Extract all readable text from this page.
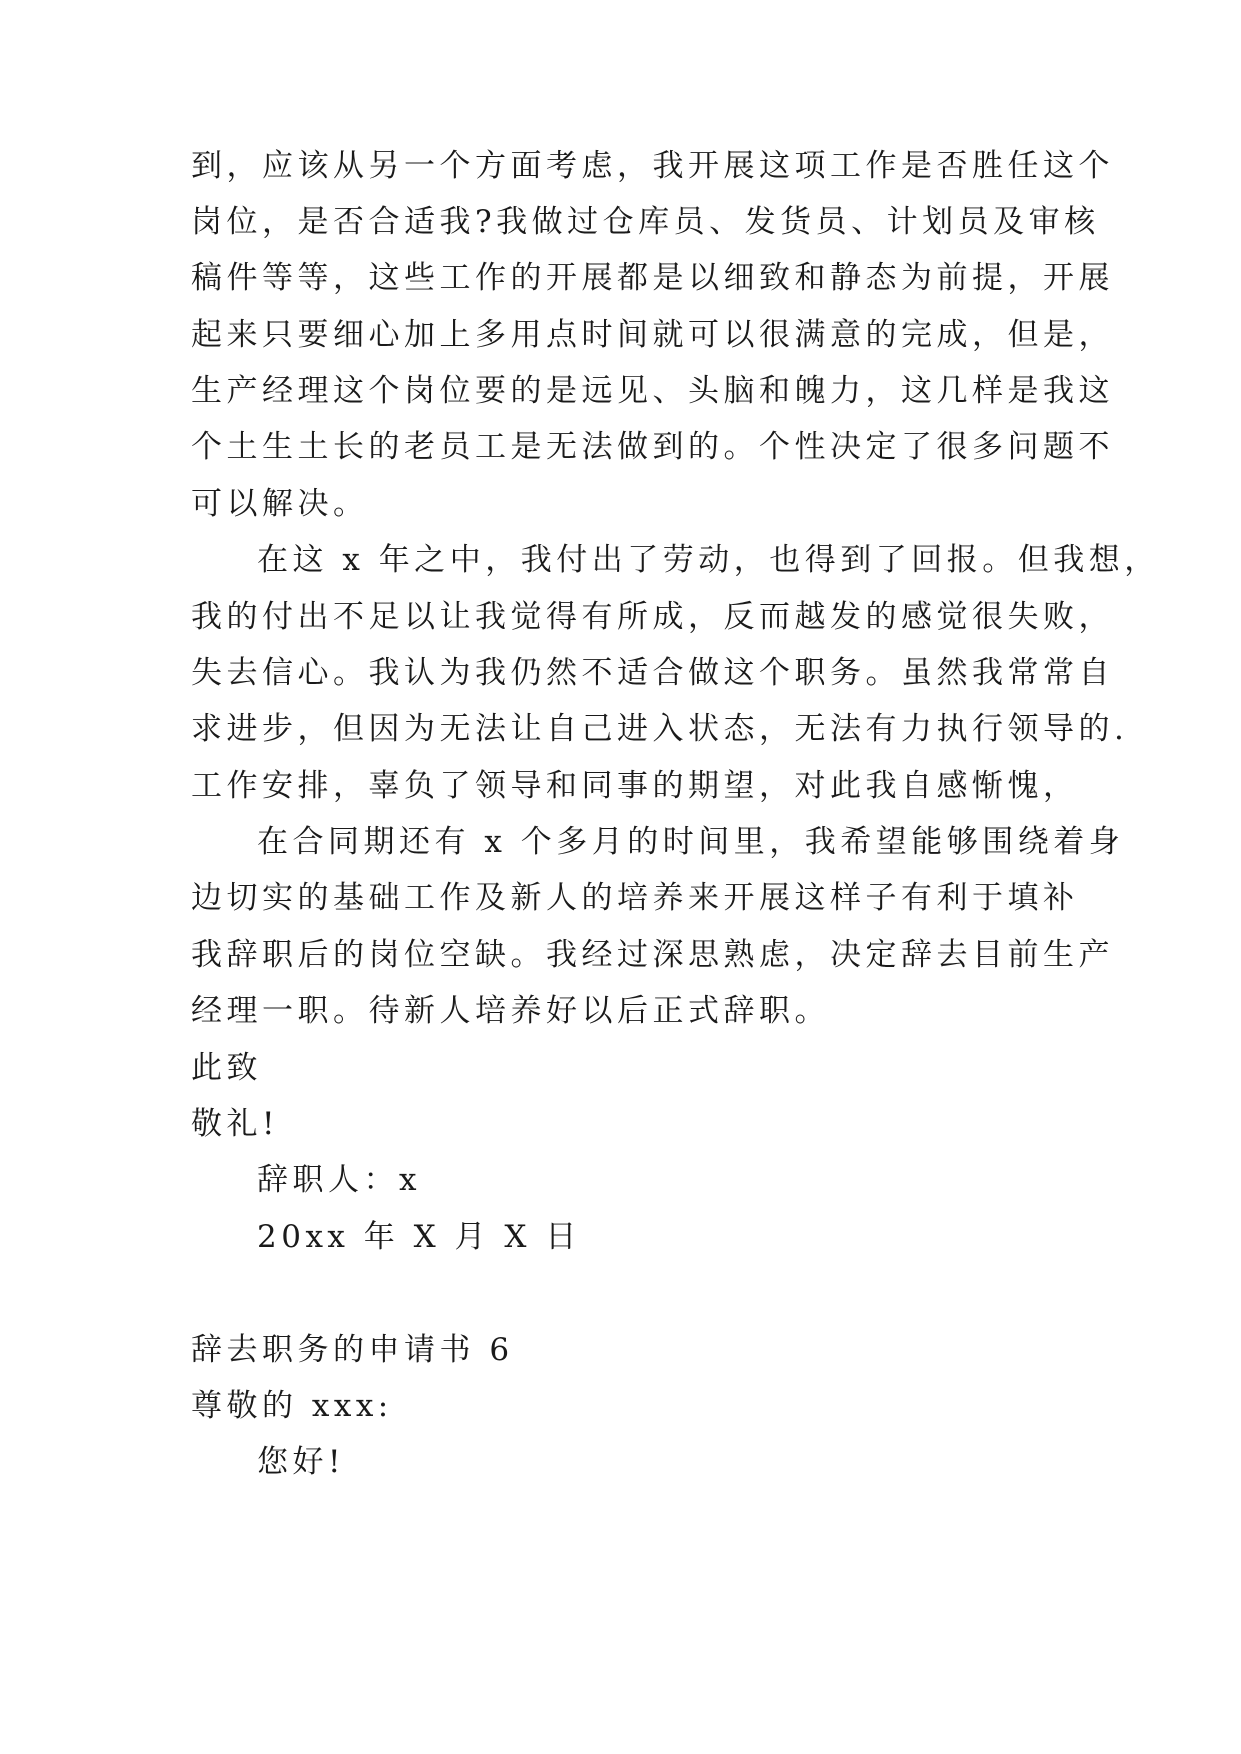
到，应该从另一个方面考虑，我开展这项工作是否胜任这个
岗位，是否合适我?我做过仓库员、发货员、计划员及审核
稿件等等，这些工作的开展都是以细致和静态为前提，开展
起来只要细心加上多用点时间就可以很满意的完成，但是，
生产经理这个岗位要的是远见、头脑和魄力，这几样是我这
个土生土长的老员工是无法做到的。个性决定了很多问题不
可以解决。
在这 x 年之中，我付出了劳动，也得到了回报。但我想，
我的付出不足以让我觉得有所成，反而越发的感觉很失败，
失去信心。我认为我仍然不适合做这个职务。虽然我常常自
求进步，但因为无法让自己进入状态，无法有力执行领导的.
工作安排，辜负了领导和同事的期望，对此我自感惭愧，
在合同期还有 x 个多月的时间里，我希望能够围绕着身
边切实的基础工作及新人的培养来开展这样子有利于填补
我辞职后的岗位空缺。我经过深思熟虑，决定辞去目前生产
经理一职。待新人培养好以后正式辞职。
此致
敬礼!
辞职人：x
20xx 年 X 月 X 日
辞去职务的申请书 6
尊敬的 xxx:
您好!
